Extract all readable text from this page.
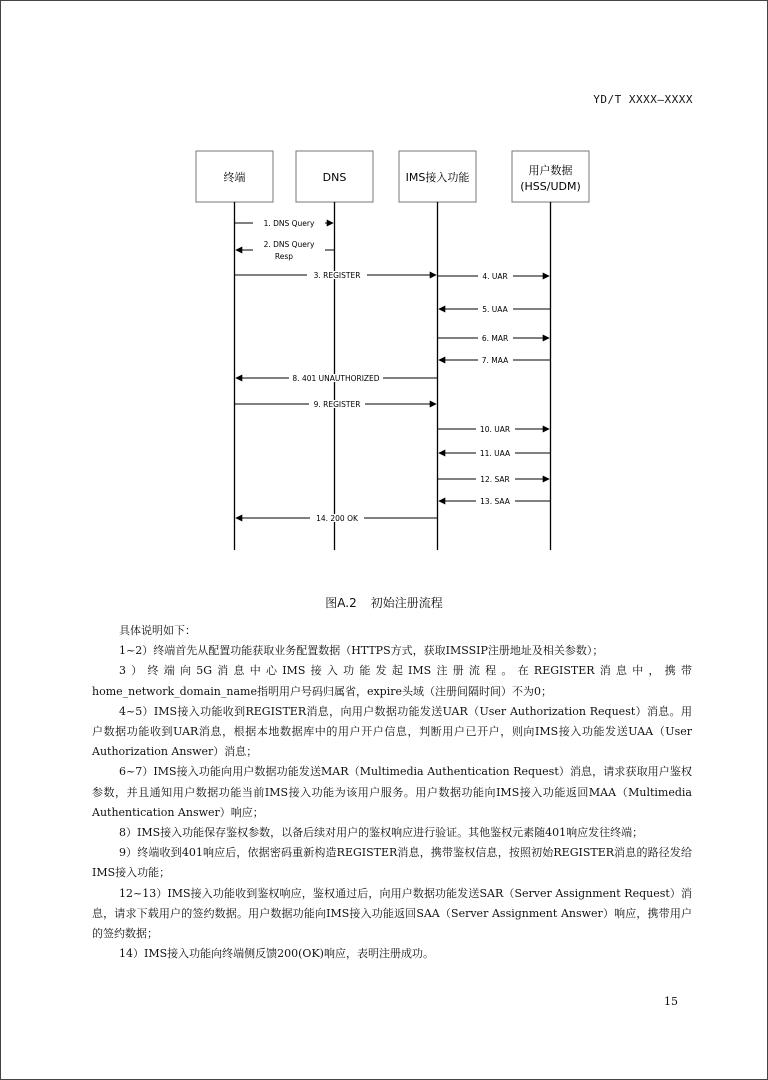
YD/T XXXX—XXXX
终端	DNS	IMS接入功能
用户数据
(HSS/UDM)
1. DNS Query
2. DNS Query
Resp
3. REGISTER	4. UAR
5. UAA
6. MAR
7. MAA
8. 401 UNAUTHORIZED
9. REGISTER
10. UAR
11. UAA
12. SAR
13. SAA
14. 200 OK
图A.2 初始注册流程

具体说明如下：

1~2）终端首先从配置功能获取业务配置数据（HTTPS方式，获取IMSSIP注册地址及相关参数）；

3）终端向5G消息中心IMS接入功能发起IMS注册流程。在REGISTER消息中，携带home_network_domain_name指明用户号码归属省，expire头域（注册间隔时间）不为0；

4~5）IMS接入功能收到REGISTER消息，向用户数据功能发送UAR（User Authorization Request）消息。用户数据功能收到UAR消息，根据本地数据库中的用户开户信息，判断用户已开户，则向IMS接入功能发送UAA（User Authorization Answer）消息；

6~7）IMS接入功能向用户数据功能发送MAR（Multimedia Authentication Request）消息，请求获取用户鉴权参数，并且通知用户数据功能当前IMS接入功能为该用户服务。用户数据功能向IMS接入功能返回MAA（Multimedia Authentication Answer）响应；

8）IMS接入功能保存鉴权参数，以备后续对用户的鉴权响应进行验证。其他鉴权元素随401响应发往终端；

9）终端收到401响应后，依据密码重新构造REGISTER消息，携带鉴权信息，按照初始REGISTER消息的路径发给IMS接入功能；

12~13）IMS接入功能收到鉴权响应，鉴权通过后，向用户数据功能发送SAR（Server Assignment Request）消息，请求下载用户的签约数据。用户数据功能向IMS接入功能返回SAA（Server Assignment Answer）响应，携带用户的签约数据；

14）IMS接入功能向终端侧反馈200(OK)响应，表明注册成功。

15
